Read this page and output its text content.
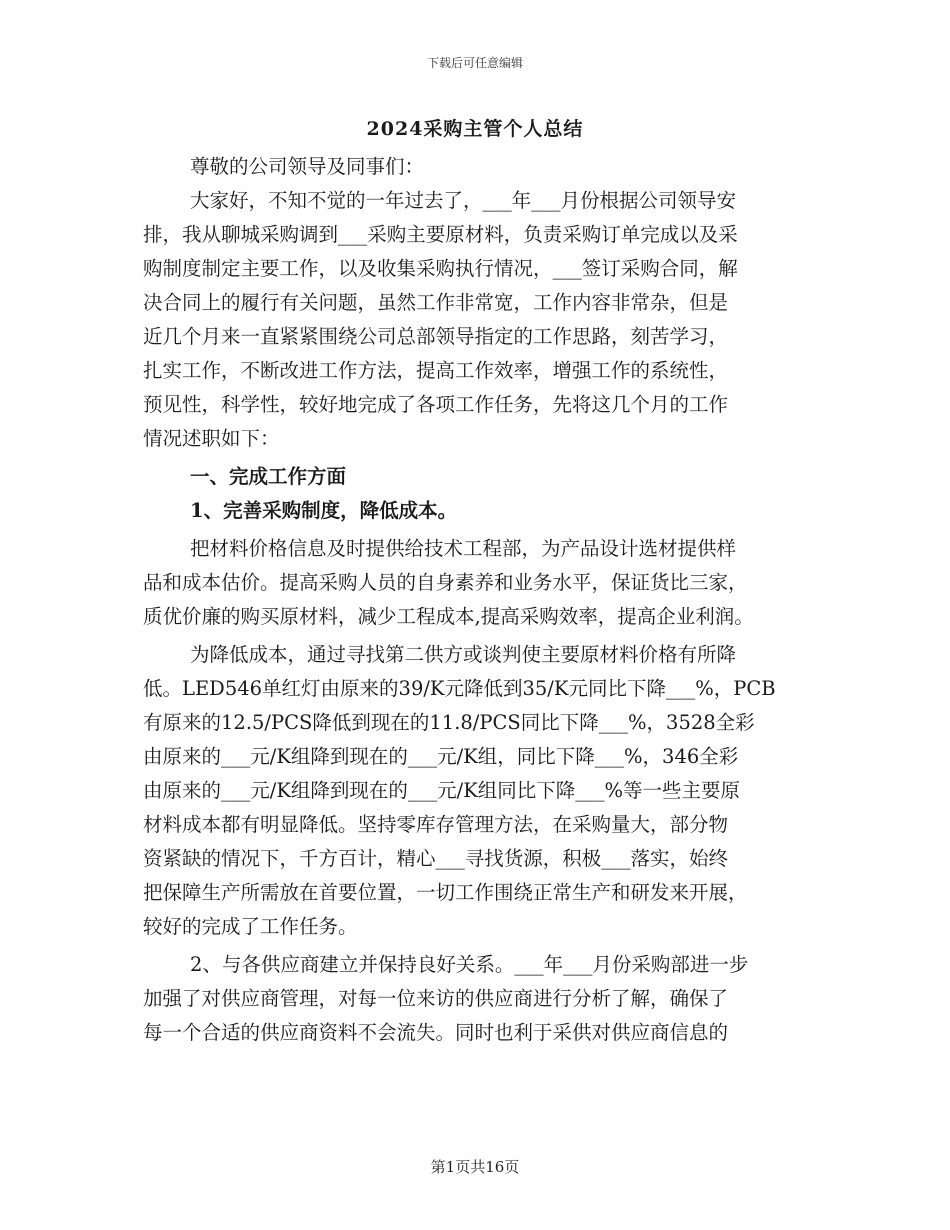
下载后可任意编辑
2024采购主管个人总结
尊敬的公司领导及同事们：
大家好，不知不觉的一年过去了，___年___月份根据公司领导安
排，我从聊城采购调到___采购主要原材料，负责采购订单完成以及采
购制度制定主要工作，以及收集采购执行情况，___签订采购合同，解
决合同上的履行有关问题，虽然工作非常宽，工作内容非常杂，但是
近几个月来一直紧紧围绕公司总部领导指定的工作思路，刻苦学习，
扎实工作，不断改进工作方法，提高工作效率，增强工作的系统性，
预见性，科学性，较好地完成了各项工作任务，先将这几个月的工作
情况述职如下：
一、完成工作方面
1、完善采购制度，降低成本。
把材料价格信息及时提供给技术工程部，为产品设计选材提供样
品和成本估价。提高采购人员的自身素养和业务水平，保证货比三家，
质优价廉的购买原材料，减少工程成本,提高采购效率，提高企业利润。
为降低成本，通过寻找第二供方或谈判使主要原材料价格有所降
低。LED546单红灯由原来的39/K元降低到35/K元同比下降___%，PCB
有原来的12.5/PCS降低到现在的11.8/PCS同比下降___%，3528全彩
由原来的___元/K组降到现在的___元/K组，同比下降___%，346全彩
由原来的___元/K组降到现在的___元/K组同比下降___%等一些主要原
材料成本都有明显降低。坚持零库存管理方法，在采购量大，部分物
资紧缺的情况下，千方百计，精心___寻找货源，积极___落实，始终
把保障生产所需放在首要位置，一切工作围绕正常生产和研发来开展，
较好的完成了工作任务。
2、与各供应商建立并保持良好关系。___年___月份采购部进一步
加强了对供应商管理，对每一位来访的供应商进行分析了解，确保了
每一个合适的供应商资料不会流失。同时也利于采供对供应商信息的
第1页共16页
